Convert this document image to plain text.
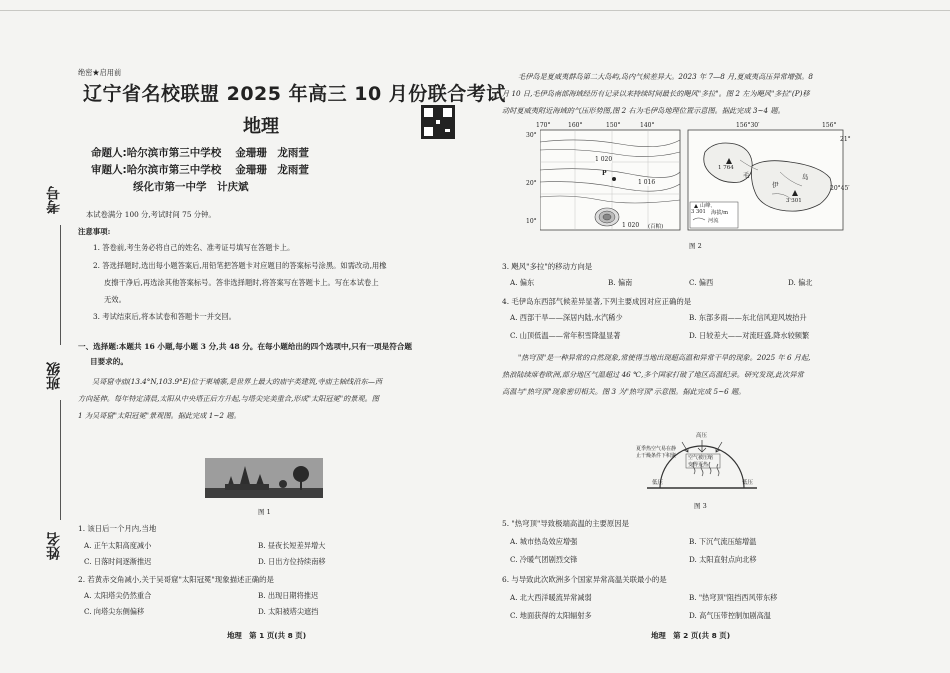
考号
班级
姓名
绝密★启用前
辽宁省名校联盟 2025 年高三 10 月份联合考试
地理
命题人:哈尔滨市第三中学校　 金珊珊　龙雨萱
审题人:哈尔滨市第三中学校　 金珊珊　龙雨萱
绥化市第一中学　计庆斌
本试卷满分 100 分,考试时间 75 分钟。
注意事项:
1. 答卷前,考生务必将自己的姓名、准考证号填写在答题卡上。
2. 答选择题时,选出每小题答案后,用铅笔把答题卡对应题目的答案标号涂黑。如需改动,用橡
皮擦干净后,再选涂其他答案标号。答非选择题时,将答案写在答题卡上。写在本试卷上
无效。
3. 考试结束后,将本试卷和答题卡一并交回。
一、选择题:本题共 16 小题,每小题 3 分,共 48 分。在每小题给出的四个选项中,只有一项是符合题
目要求的。
吴哥窟寺庙(13.4°N,103.9°E)位于柬埔寨,是世界上最大的庙宇类建筑,寺庙主轴线沿东—西
方向延伸。每年特定清晨,太阳从中央塔正后方升起,与塔尖完美重合,形成"太阳冠冕"的景观。图
1 为吴哥窟"太阳冠冕"景观图。据此完成 1~2 题。
图 1
1. 该日后一个月内,当地
A. 正午太阳高度减小	B. 昼夜长短差异增大
C. 日落时间逐渐推迟	D. 日出方位持续南移
2. 若黄赤交角减小,关于吴哥窟"太阳冠冕"现象描述正确的是
A. 太阳塔尖仍然重合	B. 出现日期将推迟
C. 向塔尖东侧偏移	D. 太阳被塔尖遮挡
地理　第 1 页(共 8 页)
毛伊岛是夏威夷群岛第二大岛屿,岛内气候差异大。2023 年 7—8 月,夏威夷高压异常增强。8
月 10 日,毛伊岛南部海域经历有记录以来持续时间最长的飓风"多拉"。图 2 左为飓风"多拉"(P)移
动时夏威夷附近海域的气压形势图,图 2 右为毛伊岛地理位置示意图。据此完成 3~4 题。
170°	160°	150°	140°
30°
20°
10°
1 020
1 016
1 020 (百帕)
P
156°30′	156°
21°
20°45′
1 764
3 301
毛
伊
岛
山峰、
3 301 海拔/m
河流
图 2
3. 飓风"多拉"的移动方向是
A. 偏东	B. 偏南	C. 偏西	D. 偏北
4. 毛伊岛东西部气候差异显著,下列主要成因对应正确的是
A. 西部干旱——深居内陆,水汽稀少	B. 东部多雨——东北信风迎风坡抬升
C. 山顶低温——常年积雪降温显著	D. 日较差大——对流旺盛,降水较频繁
"热穹顶"是一种异常的自然现象,常使得当地出现超高温和异常干旱的现象。2025 年 6 月起,
热浪陆续席卷欧洲,部分地区气温超过 46 ℃,多个国家打破了地区高温纪录。研究发现,此次异常
高温与"热穹顶"现象密切相关。图 3 为"热穹顶"示意图。据此完成 5~6 题。
高压
夏季热空气易在静
止干燥条件下积聚 空气被压缩
变得更热
低压	低压
图 3
5. "热穹顶"导致极端高温的主要原因是
A. 城市热岛效应增强	B. 下沉气流压缩增温
C. 冷暖气团剧烈交锋	D. 太阳直射点向北移
6. 与导致此次欧洲多个国家异常高温关联最小的是
A. 北大西洋暖流异常减弱	B. "热穹顶"阻挡西风带东移
C. 地面获得的太阳辐射多	D. 高气压带控制加剧高温
地理　第 2 页(共 8 页)
